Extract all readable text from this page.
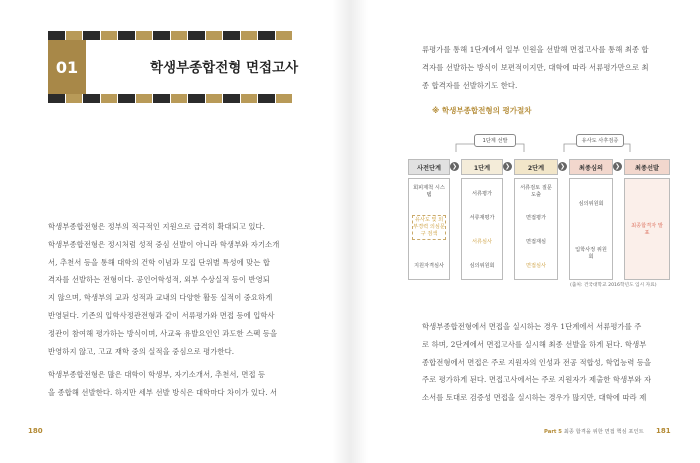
01	학생부종합전형 면접고사
학생부종합전형은 정부의 적극적인 지원으로 급격히 확대되고 있다.
학생부종합전형은 정시처럼 성적 중심 선발이 아니라 학생부와 자기소개
서, 추천서 등을 통해 대학의 건학 이념과 모집 단위별 특성에 맞는 합
격자를 선발하는 전형이다. 공인어학성적, 외부 수상실적 등이 반영되
지 않으며, 학생부의 교과 성적과 교내의 다양한 활동 실적이 중요하게
반영된다. 기존의 입학사정관전형과 같이 서류평가와 면접 등에 입학사
정관이 참여해 평가하는 방식이며, 사교육 유발요인인 과도한 스펙 등을
반영하지 않고, 고교 재학 중의 실적을 중심으로 평가한다.
학생부종합전형은 많은 대학이 학생부, 자기소개서, 추천서, 면접 등
을 종합해 선발한다. 하지만 세부 선발 방식은 대학마다 차이가 있다. 서
180
류평가를 통해 1단계에서 일부 인원을 선발해 면접고사를 통해 최종 합
격자를 선발하는 방식이 보편적이지만, 대학에 따라 서류평가만으로 최
종 합격자를 선발하기도 한다.
※ 학생부종합전형의 평가절차
1단계 선발	유사도 사후검증
사전단계	❯	1단계	❯	2단계	❯	최종심의	❯	최종선발
회피제척 시스템
유사도 및 외부경력 의심문구 검색
지원자격심사
서류평가
서류재평가
서류심사
심의위원회
서류검토 질문도출
면접평가
면접재심
면접심사
심의위원회
입학사정 위원회
최종합격자 발표
(출처: 건국대학교 2016학년도 입시 자료)
학생부종합전형에서 면접을 실시하는 경우 1단계에서 서류평가를 주
로 하며, 2단계에서 면접고사를 실시해 최종 선발을 하게 된다. 학생부
종합전형에서 면접은 주로 지원자의 인성과 전공 적합성, 학업능력 등을
주로 평가하게 된다. 면접고사에서는 주로 지원자가 제출한 학생부와 자
소서를 토대로 검증성 면접을 실시하는 경우가 많지만, 대학에 따라 제
Part 5 최종 합격을 위한 면접 핵심 포인트 181
